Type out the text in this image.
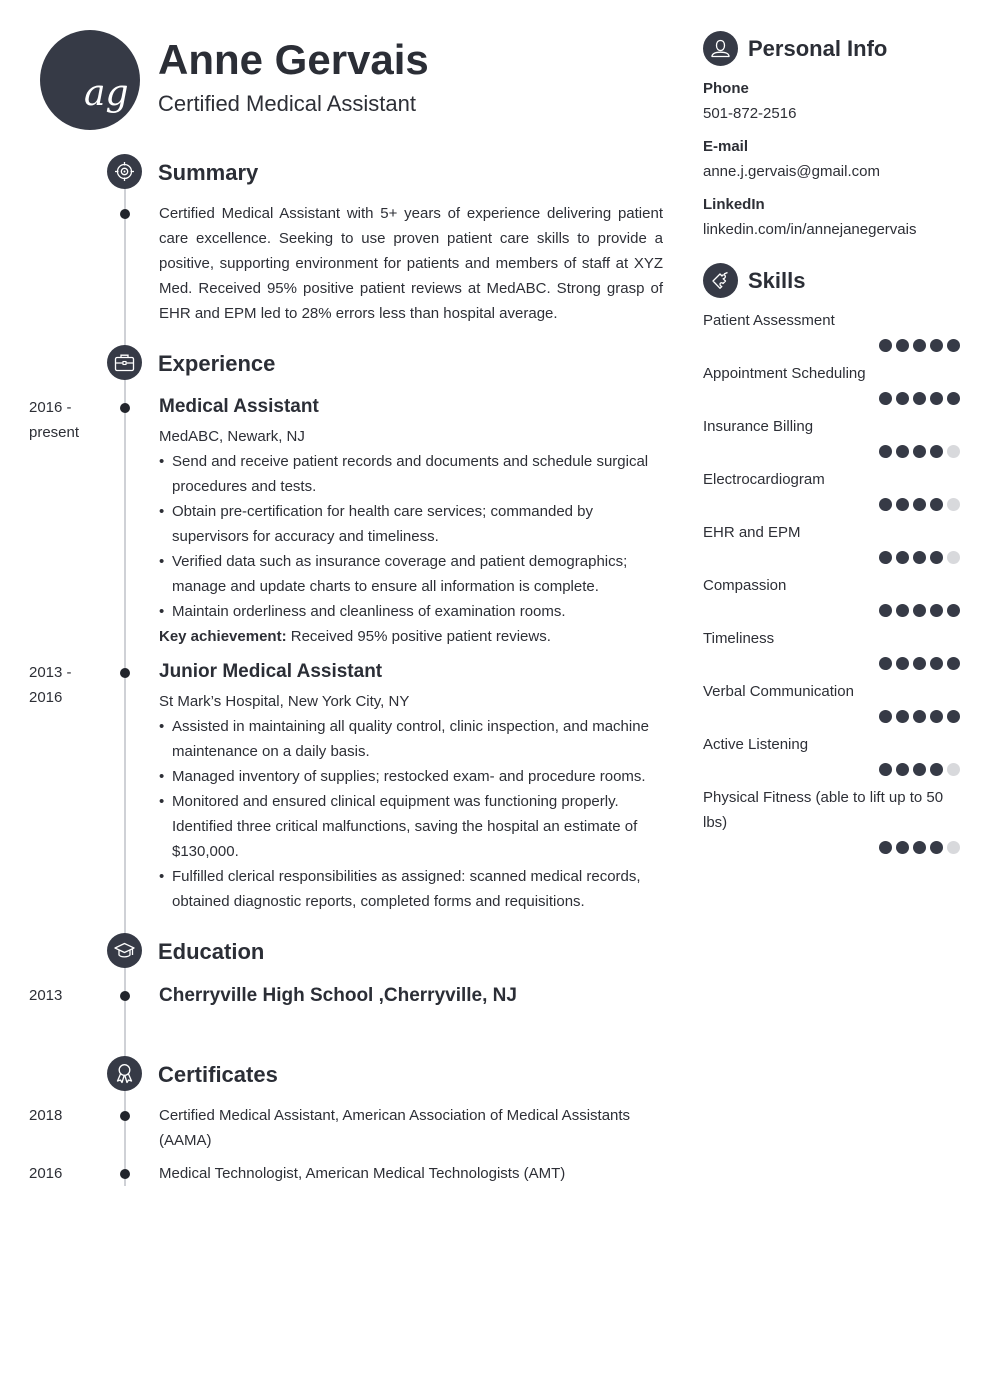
ag
Anne Gervais
Certified Medical Assistant
Summary

Certified Medical Assistant with 5+ years of experience delivering patient care excellence. Seeking to use proven patient care skills to provide a positive, supporting environment for patients and members of staff at XYZ Med. Received 95% positive patient reviews at MedABC. Strong grasp of EHR and EPM led to 28% errors less than hospital average.

Experience
2016 - present
Medical Assistant
MedABC, Newark, NJ
• Send and receive patient records and documents and schedule surgical procedures and tests.
• Obtain pre-certification for health care services; commanded by supervisors for accuracy and timeliness.
• Verified data such as insurance coverage and patient demographics; manage and update charts to ensure all information is complete.
• Maintain orderliness and cleanliness of examination rooms.
Key achievement: Received 95% positive patient reviews.
2013 - 2016
Junior Medical Assistant
St Mark’s Hospital, New York City, NY
• Assisted in maintaining all quality control, clinic inspection, and machine maintenance on a daily basis.
• Managed inventory of supplies; restocked exam- and procedure rooms.
• Monitored and ensured clinical equipment was functioning properly. Identified three critical malfunctions, saving the hospital an estimate of $130,000.
• Fulfilled clerical responsibilities as assigned: scanned medical records, obtained diagnostic reports, completed forms and requisitions.
Education
2013	Cherryville High School ,Cherryville, NJ
Certificates
2018	Certified Medical Assistant, American Association of Medical Assistants (AAMA)
2016	Medical Technologist, American Medical Technologists (AMT)
Personal Info
Phone
501-872-2516
E-mail
anne.j.gervais@gmail.com
LinkedIn
linkedin.com/in/annejanegervais
Skills
Patient Assessment
Appointment Scheduling
Insurance Billing
Electrocardiogram
EHR and EPM
Compassion
Timeliness
Verbal Communication
Active Listening
Physical Fitness (able to lift up to 50 lbs)
